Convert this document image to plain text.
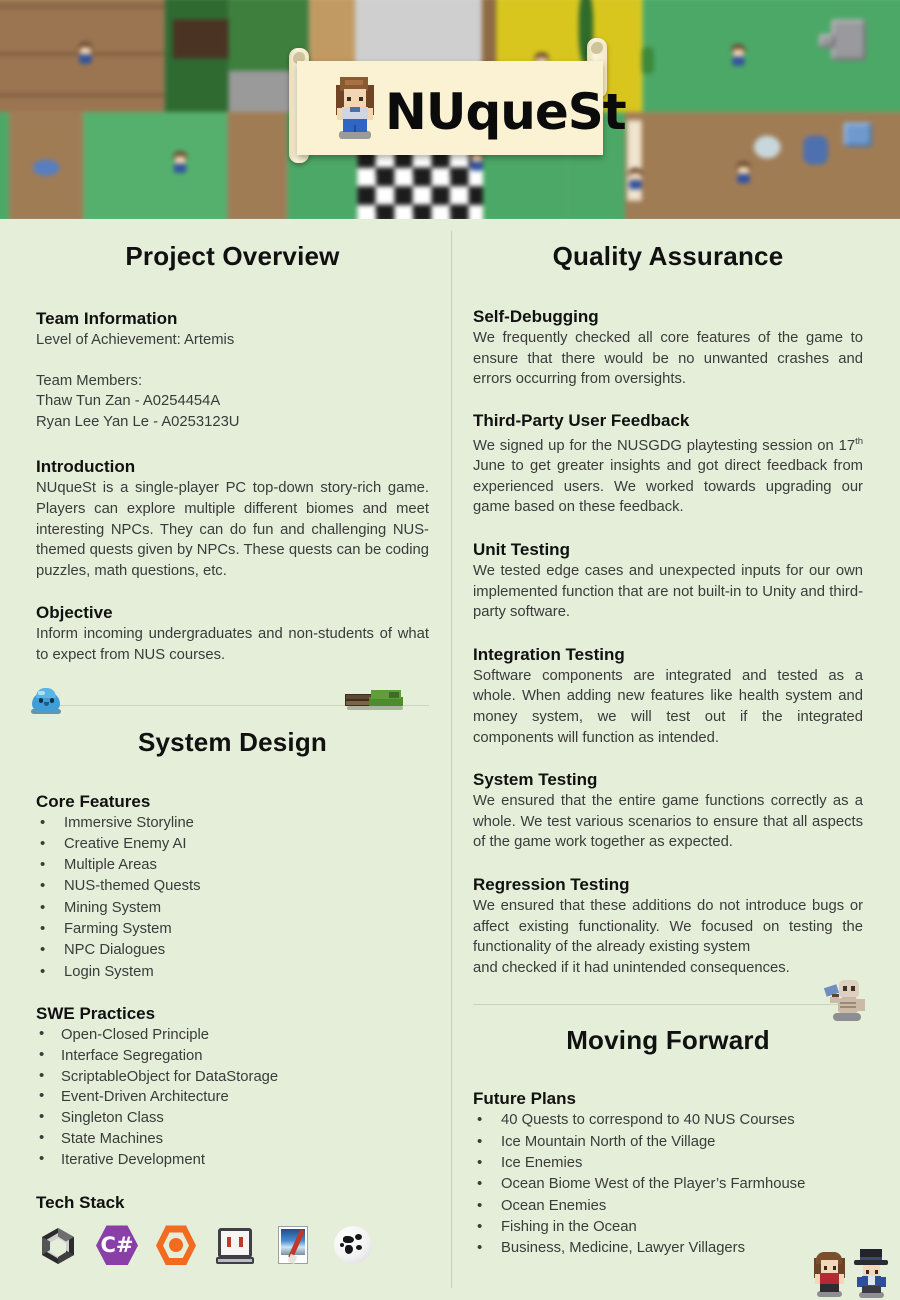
NUqueSt
Project Overview
Team Information

Level of Achievement: Artemis

Team Members:

Thaw Tun Zan - A0254454A

Ryan Lee Yan Le - A0253123U

Introduction

NUqueSt is a single-player PC top-down story-rich game. Players can explore multiple different biomes and meet interesting NPCs. They can do fun and challenging NUS-themed quests given by NPCs. These quests can be coding puzzles, math questions, etc.

Objective

Inform incoming undergraduates and non-students of what to expect from NUS courses.

System Design
Core Features
• Immersive Storyline
• Creative Enemy AI
• Multiple Areas
• NUS-themed Quests
• Mining System
• Farming System
• NPC Dialogues
• Login System
SWE Practices
• Open-Closed Principle
• Interface Segregation
• ScriptableObject for DataStorage
• Event-Driven Architecture
• Singleton Class
• State Machines
• Iterative Development
Tech Stack
C#
Quality Assurance
Self-Debugging

We frequently checked all core features of the game to ensure that there would be no unwanted crashes and errors occurring from oversights.

Third-Party User Feedback

We signed up for the NUSGDG playtesting session on 17th June to get greater insights and got direct feedback from experienced users. We worked towards upgrading our game based on these feedback.

Unit Testing

We tested edge cases and unexpected inputs for our own implemented function that are not built-in to Unity and third-party software.

Integration Testing

Software components are integrated and tested as a whole. When adding new features like health system and money system, we will test out if the integrated components will function as intended.

System Testing

We ensured that the entire game functions correctly as a whole. We test various scenarios to ensure that all aspects of the game work together as expected.

Regression Testing

We ensured that these additions do not introduce bugs or affect existing functionality. We focused on testing the functionality of the already existing system

and checked if it had unintended consequences.

Moving Forward
Future Plans
• 40 Quests to correspond to 40 NUS Courses
• Ice Mountain North of the Village
• Ice Enemies
• Ocean Biome West of the Player’s Farmhouse
• Ocean Enemies
• Fishing in the Ocean
• Business, Medicine, Lawyer Villagers
